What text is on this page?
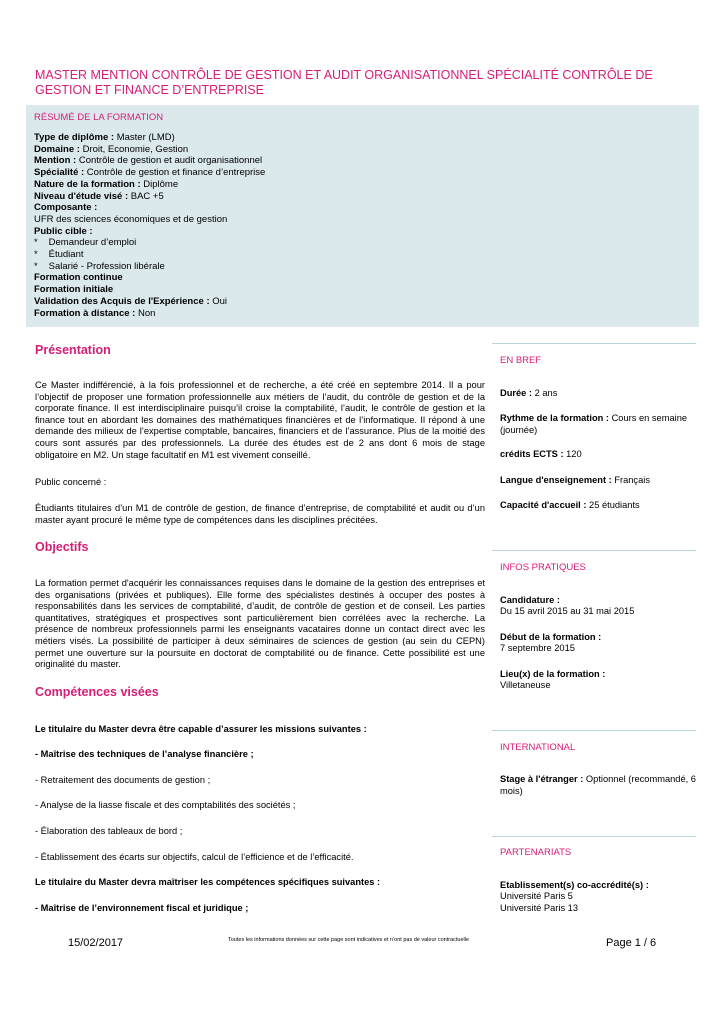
MASTER MENTION CONTRÔLE DE GESTION ET AUDIT ORGANISATIONNEL SPÉCIALITÉ CONTRÔLE DE GESTION ET FINANCE D’ENTREPRISE
RÉSUMÉ DE LA FORMATION
Type de diplôme : Master (LMD)
Domaine : Droit, Economie, Gestion
Mention : Contrôle de gestion et audit organisationnel
Spécialité : Contrôle de gestion et finance d’entreprise
Nature de la formation : Diplôme
Niveau d'étude visé : BAC +5
Composante :
UFR des sciences économiques et de gestion
Public cible :
* Demandeur d’emploi
* Étudiant
* Salarié - Profession libérale
Formation continue
Formation initiale
Validation des Acquis de l'Expérience : Oui
Formation à distance : Non
Présentation
Ce Master indifférencié, à la fois professionnel et de recherche, a été créé en septembre 2014. Il a pour l’objectif de proposer une formation professionnelle aux métiers de l’audit, du contrôle de gestion et de la corporate finance. Il est interdisciplinaire puisqu’il croise la comptabilité, l’audit, le contrôle de gestion et la finance tout en abordant les domaines des mathématiques financières et de l’informatique. Il répond à une demande des milieux de l’expertise comptable, bancaires, financiers et de l’assurance. Plus de la moitié des cours sont assurés par des professionnels. La durée des études est de 2 ans dont 6 mois de stage obligatoire en M2. Un stage facultatif en M1 est vivement conseillé.
Public concerné :
Étudiants titulaires d’un M1 de contrôle de gestion, de finance d’entreprise, de comptabilité et audit ou d’un master ayant procuré le même type de compétences dans les disciplines précitées.
Objectifs
La formation permet d'acquérir les connaissances requises dans le domaine de la gestion des entreprises et des organisations (privées et publiques). Elle forme des spécialistes destinés à occuper des postes à responsabilités dans les services de comptabilité, d’audit, de contrôle de gestion et de conseil. Les parties quantitatives, stratégiques et prospectives sont particulièrement bien corrélées avec la recherche. La présence de nombreux professionnels parmi les enseignants vacataires donne un contact direct avec les métiers visés. La possibilité de participer à deux séminaires de sciences de gestion (au sein du CEPN) permet une ouverture sur la poursuite en doctorat de comptabilité ou de finance. Cette possibilité est une originalité du master.
Compétences visées
Le titulaire du Master devra être capable d’assurer les missions suivantes :
- Maîtrise des techniques de l’analyse financière ;
- Retraitement des documents de gestion ;
- Analyse de la liasse fiscale et des comptabilités des sociétés ;
- Élaboration des tableaux de bord ;
- Établissement des écarts sur objectifs, calcul de l’efficience et de l’efficacité.
Le titulaire du Master devra maîtriser les compétences spécifiques suivantes :
- Maîtrise de l’environnement fiscal et juridique ;
EN BREF
Durée : 2 ans
Rythme de la formation : Cours en semaine (journée)
crédits ECTS : 120
Langue d'enseignement : Français
Capacité d'accueil : 25 étudiants
INFOS PRATIQUES
Candidature :
Du 15 avril 2015 au 31 mai 2015
Début de la formation :
7 septembre 2015
Lieu(x) de la formation :
Villetaneuse
INTERNATIONAL
Stage à l'étranger : Optionnel (recommandé, 6 mois)
PARTENARIATS
Etablissement(s) co-accrédité(s) :
Université Paris 5
Université Paris 13
15/02/2017	Toutes les informations données sur cette page sont indicatives et n'ont pas de valeur contractuelle	Page 1 / 6
